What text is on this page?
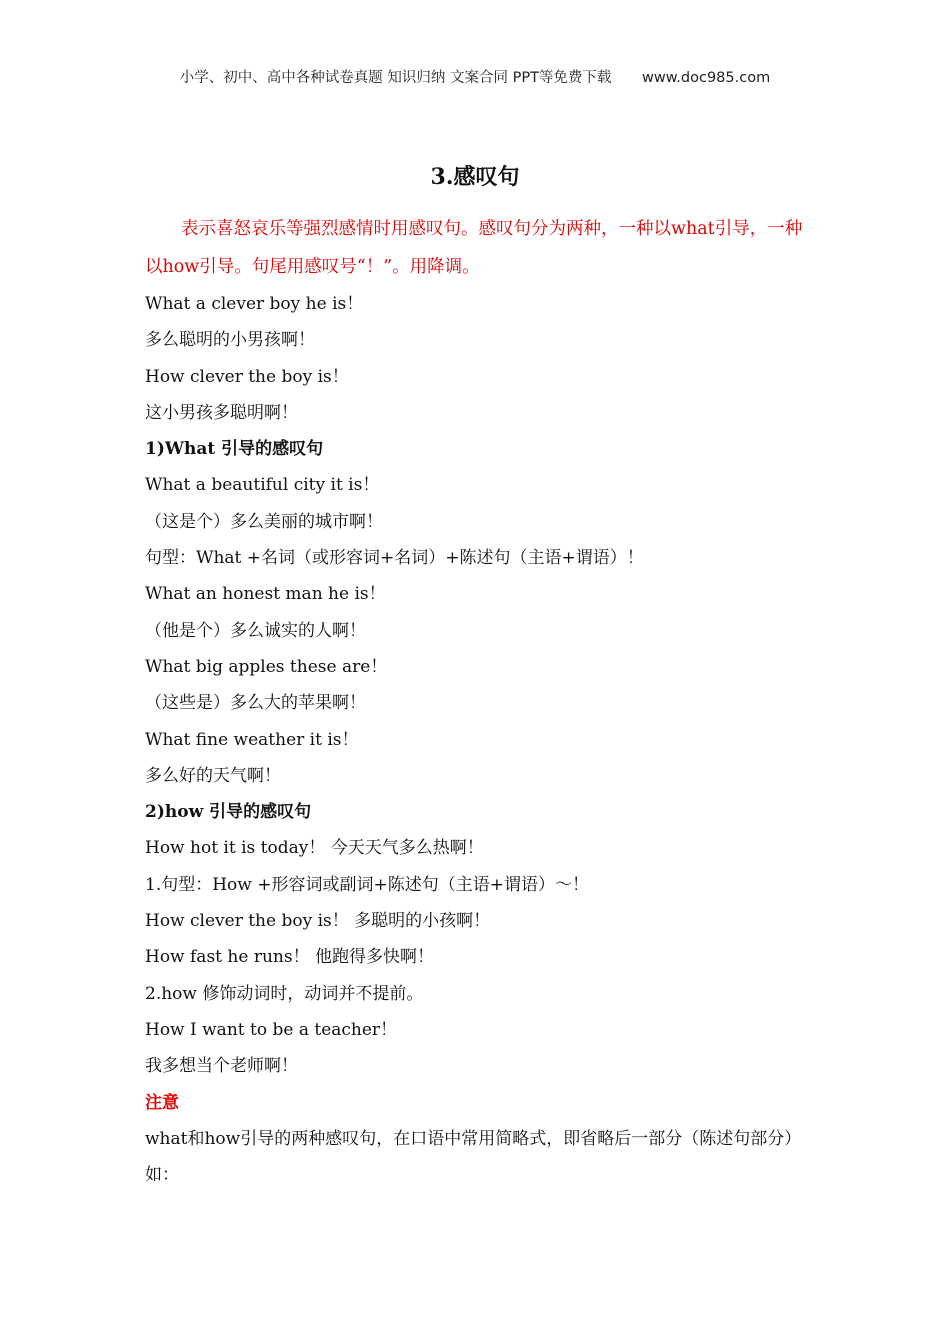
小学、初中、高中各种试卷真题 知识归纳 文案合同 PPT等免费下载 www.doc985.com
3.感叹句

表示喜怒哀乐等强烈感情时用感叹句。感叹句分为两种，一种以what引导，一种以how引导。句尾用感叹号“！”。用降调。

What a clever boy he is！

多么聪明的小男孩啊！

How clever the boy is！

这小男孩多聪明啊！

1)What 引导的感叹句

What a beautiful city it is！

（这是个）多么美丽的城市啊！

句型：What +名词（或形容词+名词）+陈述句（主语+谓语）！

What an honest man he is！

（他是个）多么诚实的人啊！

What big apples these are！

（这些是）多么大的苹果啊！

What fine weather it is！

多么好的天气啊！

2)how 引导的感叹句

How hot it is today！ 今天天气多么热啊！

1.句型：How +形容词或副词+陈述句（主语+谓语）～！

How clever the boy is！ 多聪明的小孩啊！

How fast he runs！ 他跑得多快啊！

2.how 修饰动词时，动词并不提前。

How I want to be a teacher！

我多想当个老师啊！

注意

what和how引导的两种感叹句，在口语中常用简略式，即省略后一部分（陈述句部分）如：
